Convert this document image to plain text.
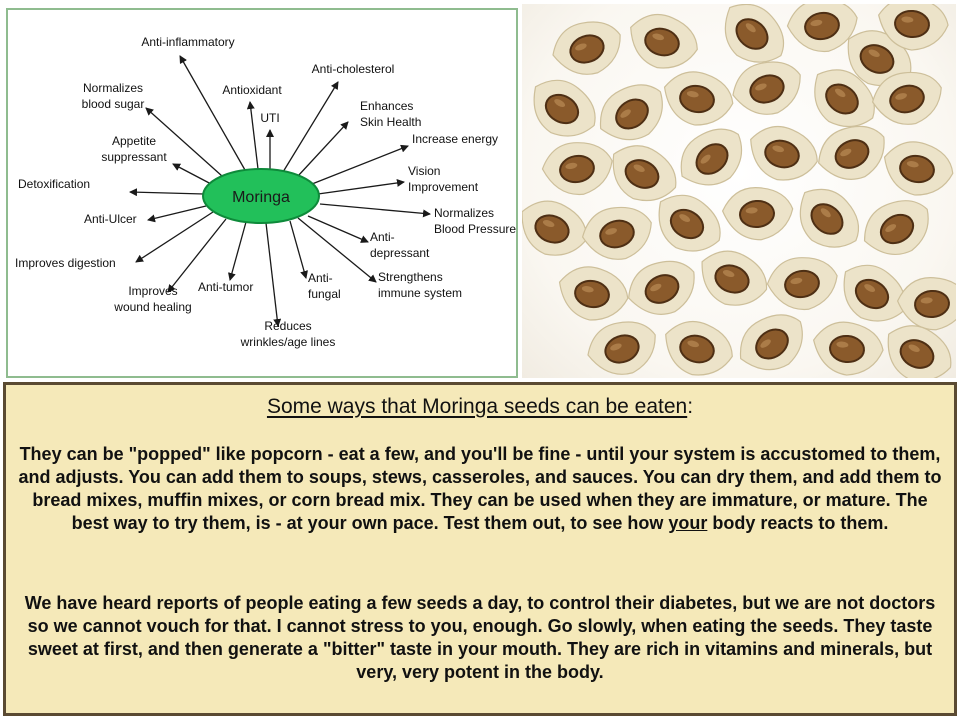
Moringa
Anti-inflammatory
Anti-cholesterol
Normalizes blood sugar
Antioxidant
UTI
Enhances Skin Health
Increase energy
Appetite suppressant
Vision Improvement
Detoxification
Normalizes Blood Pressure
Anti-Ulcer
Anti-depressant
Improves digestion
Anti-tumor
Anti-fungal
Strengthens immune system
Improves wound healing
Reduces wrinkles/age lines
Some ways that Moringa seeds can be eaten:

They can be "popped" like popcorn - eat a few, and you'll be fine - until your system is accustomed to them, and adjusts. You can add them to soups, stews, casseroles, and sauces. You can dry them, and add them to bread mixes, muffin mixes, or corn bread mix. They can be used when they are immature, or mature. The best way to try them, is - at your own pace. Test them out, to see how your body reacts to them.

We have heard reports of people eating a few seeds a day, to control their diabetes, but we are not doctors so we cannot vouch for that. I cannot stress to you, enough. Go slowly, when eating the seeds. They taste sweet at first, and then generate a "bitter" taste in your mouth. They are rich in vitamins and minerals, but very, very potent in the body.
